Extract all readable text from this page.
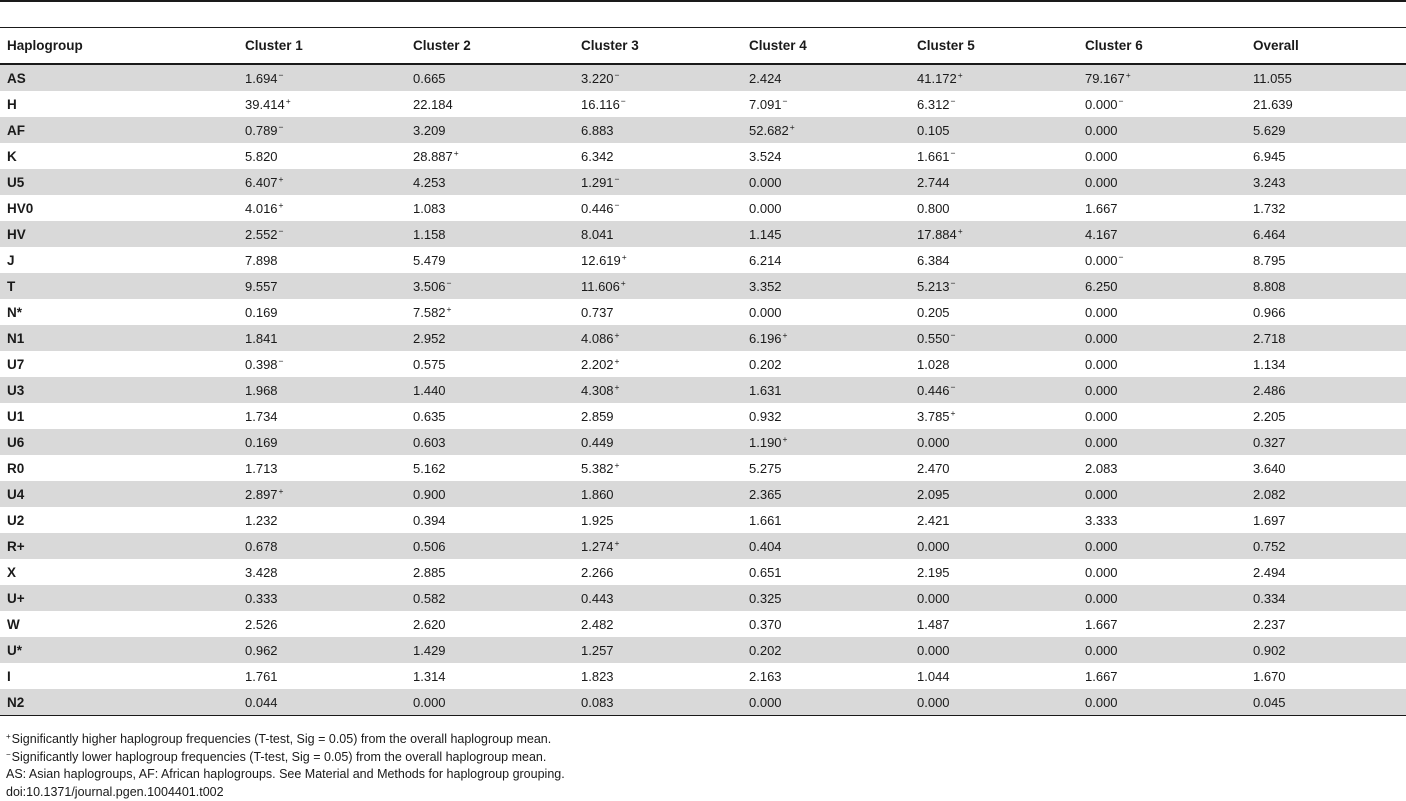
Haplogroup	Cluster 1	Cluster 2	Cluster 3	Cluster 4	Cluster 5	Cluster 6	Overall
AS	1.694−	0.665	3.220−	2.424	41.172+	79.167+	11.055
H	39.414+	22.184	16.116−	7.091−	6.312−	0.000−	21.639
AF	0.789−	3.209	6.883	52.682+	0.105	0.000	5.629
K	5.820	28.887+	6.342	3.524	1.661−	0.000	6.945
U5	6.407+	4.253	1.291−	0.000	2.744	0.000	3.243
HV0	4.016+	1.083	0.446−	0.000	0.800	1.667	1.732
HV	2.552−	1.158	8.041	1.145	17.884+	4.167	6.464
J	7.898	5.479	12.619+	6.214	6.384	0.000−	8.795
T	9.557	3.506−	11.606+	3.352	5.213−	6.250	8.808
N*	0.169	7.582+	0.737	0.000	0.205	0.000	0.966
N1	1.841	2.952	4.086+	6.196+	0.550−	0.000	2.718
U7	0.398−	0.575	2.202+	0.202	1.028	0.000	1.134
U3	1.968	1.440	4.308+	1.631	0.446−	0.000	2.486
U1	1.734	0.635	2.859	0.932	3.785+	0.000	2.205
U6	0.169	0.603	0.449	1.190+	0.000	0.000	0.327
R0	1.713	5.162	5.382+	5.275	2.470	2.083	3.640
U4	2.897+	0.900	1.860	2.365	2.095	0.000	2.082
U2	1.232	0.394	1.925	1.661	2.421	3.333	1.697
R+	0.678	0.506	1.274+	0.404	0.000	0.000	0.752
X	3.428	2.885	2.266	0.651	2.195	0.000	2.494
U+	0.333	0.582	0.443	0.325	0.000	0.000	0.334
W	2.526	2.620	2.482	0.370	1.487	1.667	2.237
U*	0.962	1.429	1.257	0.202	0.000	0.000	0.902
I	1.761	1.314	1.823	2.163	1.044	1.667	1.670
N2	0.044	0.000	0.083	0.000	0.000	0.000	0.045
+Significantly higher haplogroup frequencies (T-test, Sig = 0.05) from the overall haplogroup mean.
−Significantly lower haplogroup frequencies (T-test, Sig = 0.05) from the overall haplogroup mean.
AS: Asian haplogroups, AF: African haplogroups. See Material and Methods for haplogroup grouping.
doi:10.1371/journal.pgen.1004401.t002
